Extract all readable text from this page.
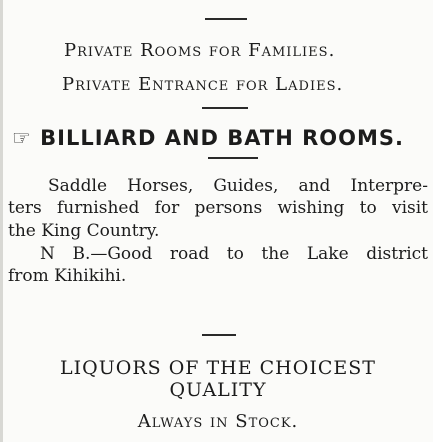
Private Rooms for Families.
Private Entrance for Ladies.
☞ BILLIARD AND BATH ROOMS.
Saddle Horses, Guides, and Interpre-
ters furnished for persons wishing to visit
the King Country.
N B.—Good road to the Lake district
from Kihikihi.
LIQUORS OF THE CHOICEST
QUALITY
Always in Stock.
